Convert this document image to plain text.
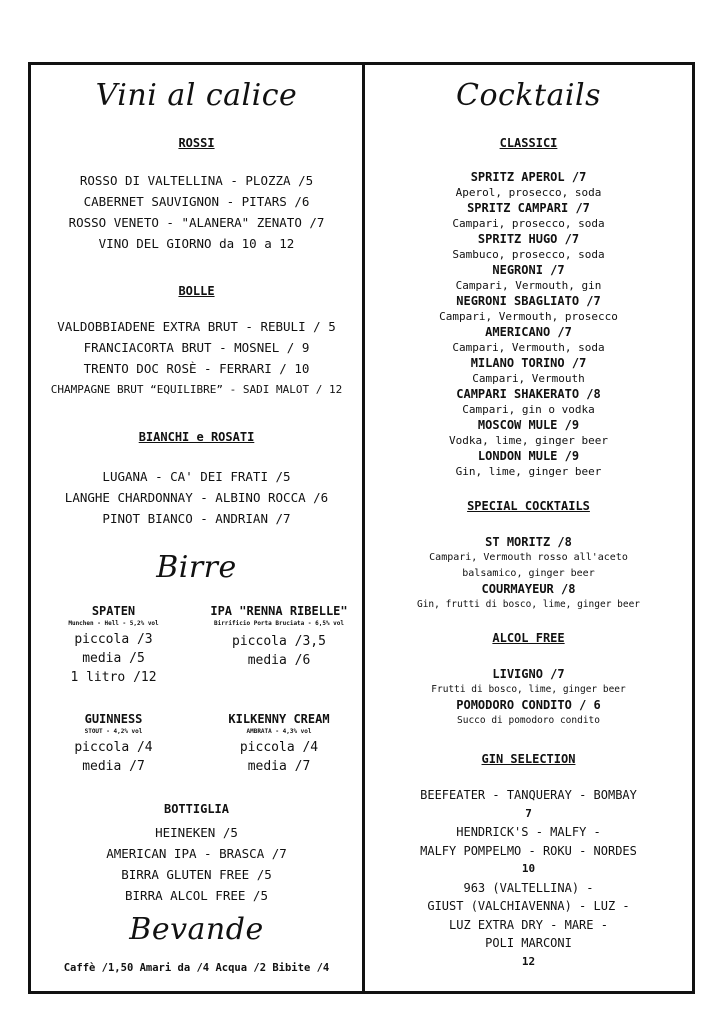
Vini al calice
ROSSI
ROSSO DI VALTELLINA - PLOZZA /5
CABERNET SAUVIGNON - PITARS /6
ROSSO VENETO - "ALANERA" ZENATO /7
VINO DEL GIORNO da 10 a 12
BOLLE
VALDOBBIADENE EXTRA BRUT - REBULI / 5
FRANCIACORTA BRUT - MOSNEL / 9
TRENTO DOC ROSÈ - FERRARI / 10
CHAMPAGNE BRUT “EQUILIBRE” - SADI MALOT / 12
BIANCHI e ROSATI
LUGANA - CA' DEI FRATI /5
LANGHE CHARDONNAY - ALBINO ROCCA /6
PINOT BIANCO - ANDRIAN /7
Birre
SPATEN
Munchen - Hell - 5,2% vol
piccola /3
media /5
1 litro /12
IPA "RENNA RIBELLE"
Birrificio Porta Bruciata - 6,5% vol
piccola /3,5
media /6
GUINNESS
STOUT - 4,2% vol
piccola /4
media /7
KILKENNY CREAM
AMBRATA - 4,3% vol
piccola /4
media /7
BOTTIGLIA
HEINEKEN /5
AMERICAN IPA - BRASCA /7
BIRRA GLUTEN FREE /5
BIRRA ALCOL FREE /5
Bevande
Caffè /1,50 Amari da /4 Acqua /2 Bibite /4
Cocktails
CLASSICI
SPRITZ APEROL /7
Aperol, prosecco, soda
SPRITZ CAMPARI /7
Campari, prosecco, soda
SPRITZ HUGO /7
Sambuco, prosecco, soda
NEGRONI /7
Campari, Vermouth, gin
NEGRONI SBAGLIATO /7
Campari, Vermouth, prosecco
AMERICANO /7
Campari, Vermouth, soda
MILANO TORINO /7
Campari, Vermouth
CAMPARI SHAKERATO /8
Campari, gin o vodka
MOSCOW MULE /9
Vodka, lime, ginger beer
LONDON MULE /9
Gin, lime, ginger beer
SPECIAL COCKTAILS
ST MORITZ /8
Campari, Vermouth rosso all'aceto
balsamico, ginger beer
COURMAYEUR /8
Gin, frutti di bosco, lime, ginger beer
ALCOL FREE
LIVIGNO /7
Frutti di bosco, lime, ginger beer
POMODORO CONDITO / 6
Succo di pomodoro condito
GIN SELECTION
BEEFEATER - TANQUERAY - BOMBAY
7
HENDRICK'S - MALFY -
MALFY POMPELMO - ROKU - NORDES
10
963 (VALTELLINA) -
GIUST (VALCHIAVENNA) - LUZ -
LUZ EXTRA DRY - MARE -
POLI MARCONI
12
